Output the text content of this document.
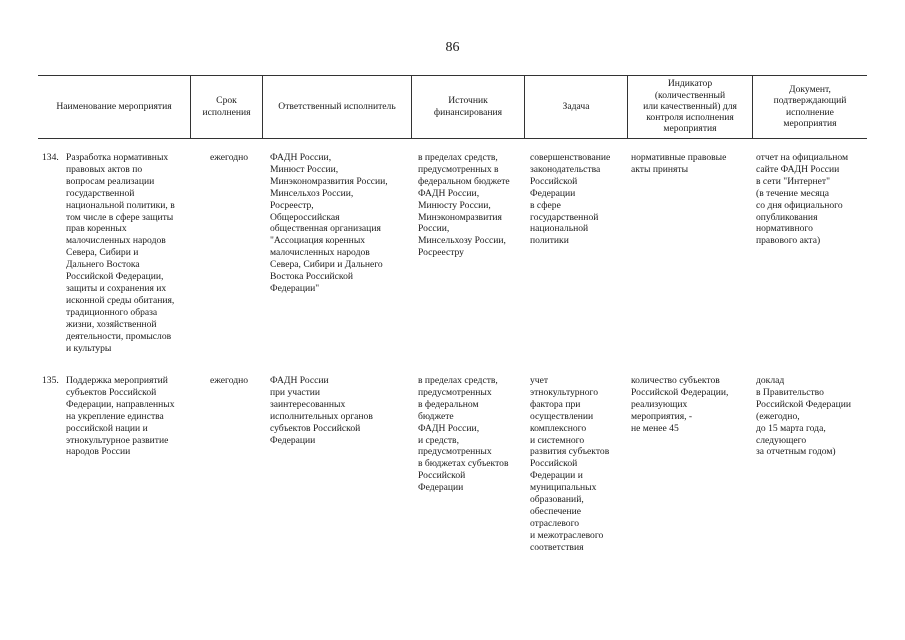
86
Наименование мероприятия
Срок
исполнения
Ответственный исполнитель
Источник
финансирования
Задача
Индикатор
(количественный
или качественный) для
контроля исполнения
мероприятия
Документ,
подтверждающий
исполнение
мероприятия
134. Разработка нормативных
правовых актов по
вопросам реализации
государственной
национальной политики, в
том числе в сфере защиты
прав коренных
малочисленных народов
Севера, Сибири и
Дальнего Востока
Российской Федерации,
защиты и сохранения их
исконной среды обитания,
традиционного образа
жизни, хозяйственной
деятельности, промыслов
и культуры
ежегодно	ФАДН России,
Минюст России,
Минэкономразвития России,
Минсельхоз России,
Росреестр,
Общероссийская
общественная организация
"Ассоциация коренных
малочисленных народов
Севера, Сибири и Дальнего
Востока Российской
Федерации"
в пределах средств,
предусмотренных в
федеральном бюджете
ФАДН России,
Минюсту России,
Минэкономразвития
России,
Минсельхозу России,
Росреестру
совершенствование
законодательства
Российской
Федерации
в сфере
государственной
национальной
политики
нормативные правовые
акты приняты
отчет на официальном
сайте ФАДН России
в сети "Интернет"
(в течение месяца
со дня официального
опубликования
нормативного
правового акта)
135. Поддержка мероприятий
субъектов Российской
Федерации, направленных
на укрепление единства
российской нации и
этнокультурное развитие
народов России
ежегодно	ФАДН России
при участии
заинтересованных
исполнительных органов
субъектов Российской
Федерации
в пределах средств,
предусмотренных
в федеральном
бюджете
ФАДН России,
и средств,
предусмотренных
в бюджетах субъектов
Российской
Федерации
учет
этнокультурного
фактора при
осуществлении
комплексного
и системного
развития субъектов
Российской
Федерации и
муниципальных
образований,
обеспечение
отраслевого
и межотраслевого
соответствия
количество субъектов
Российской Федерации,
реализующих
мероприятия, -
не менее 45
доклад
в Правительство
Российской Федерации
(ежегодно,
до 15 марта года,
следующего
за отчетным годом)
